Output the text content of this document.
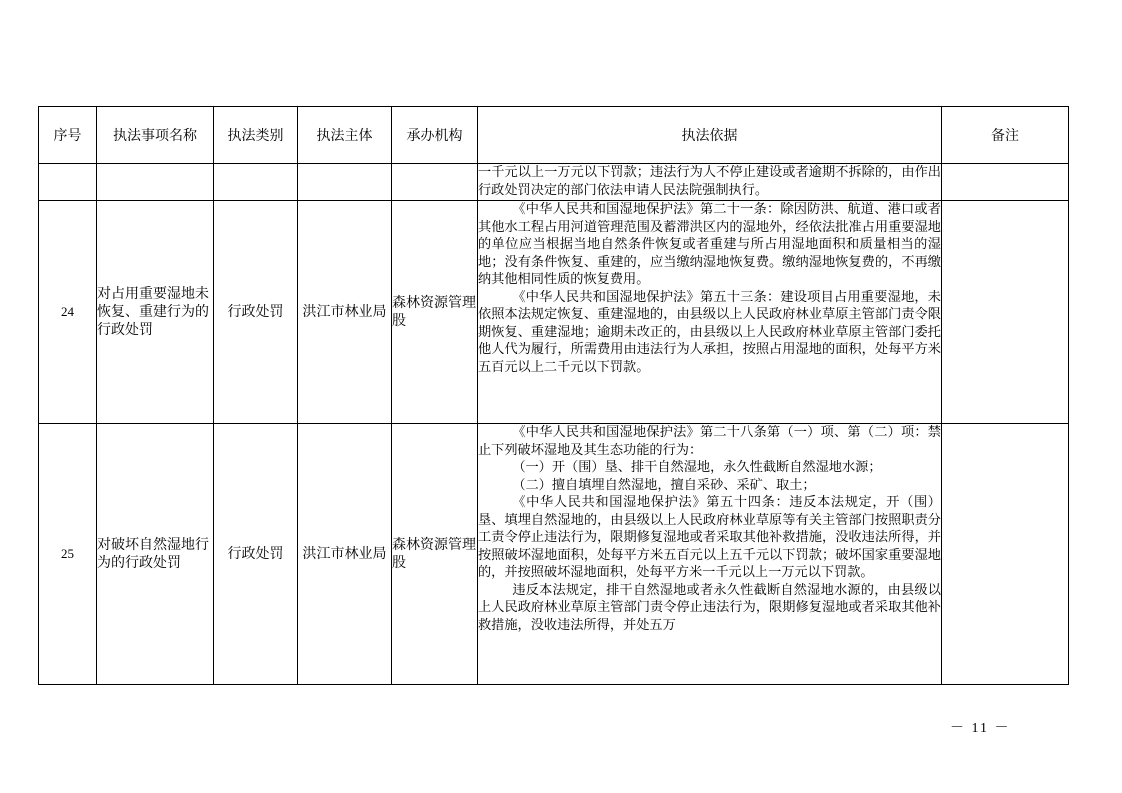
序号	执法事项名称	执法类别	执法主体	承办机构	执法依据	备注

					一千元以上一万元以下罚款；违法行为人不停止建设或者逾期不拆除的，由作出行政处罚决定的部门依法申请人民法院强制执行。	

24	对占用重要湿地未恢复、重建行为的行政处罚	行政处罚	洪江市林业局	森林资源管理股	《中华人民共和国湿地保护法》第二十一条：除因防洪、航道、港口或者其他水工程占用河道管理范围及蓄滞洪区内的湿地外，经依法批准占用重要湿地的单位应当根据当地自然条件恢复或者重建与所占用湿地面积和质量相当的湿地；没有条件恢复、重建的，应当缴纳湿地恢复费。缴纳湿地恢复费的，不再缴纳其他相同性质的恢复费用。

《中华人民共和国湿地保护法》第五十三条：建设项目占用重要湿地，未依照本法规定恢复、重建湿地的，由县级以上人民政府林业草原主管部门责令限期恢复、重建湿地；逾期未改正的，由县级以上人民政府林业草原主管部门委托他人代为履行，所需费用由违法行为人承担，按照占用湿地的面积，处每平方米五百元以上二千元以下罚款。	

25	对破坏自然湿地行为的行政处罚	行政处罚	洪江市林业局	森林资源管理股	《中华人民共和国湿地保护法》第二十八条第（一）项、第（二）项：禁止下列破坏湿地及其生态功能的行为：

（一）开（围）垦、排干自然湿地，永久性截断自然湿地水源；

（二）擅自填埋自然湿地，擅自采砂、采矿、取土；

《中华人民共和国湿地保护法》第五十四条：违反本法规定，开（围）垦、填埋自然湿地的，由县级以上人民政府林业草原等有关主管部门按照职责分工责令停止违法行为，限期修复湿地或者采取其他补救措施，没收违法所得，并按照破坏湿地面积，处每平方米五百元以上五千元以下罚款；破坏国家重要湿地的，并按照破坏湿地面积，处每平方米一千元以上一万元以下罚款。

违反本法规定，排干自然湿地或者永久性截断自然湿地水源的，由县级以上人民政府林业草原主管部门责令停止违法行为，限期修复湿地或者采取其他补救措施，没收违法所得，并处五万	

－ 11 －
